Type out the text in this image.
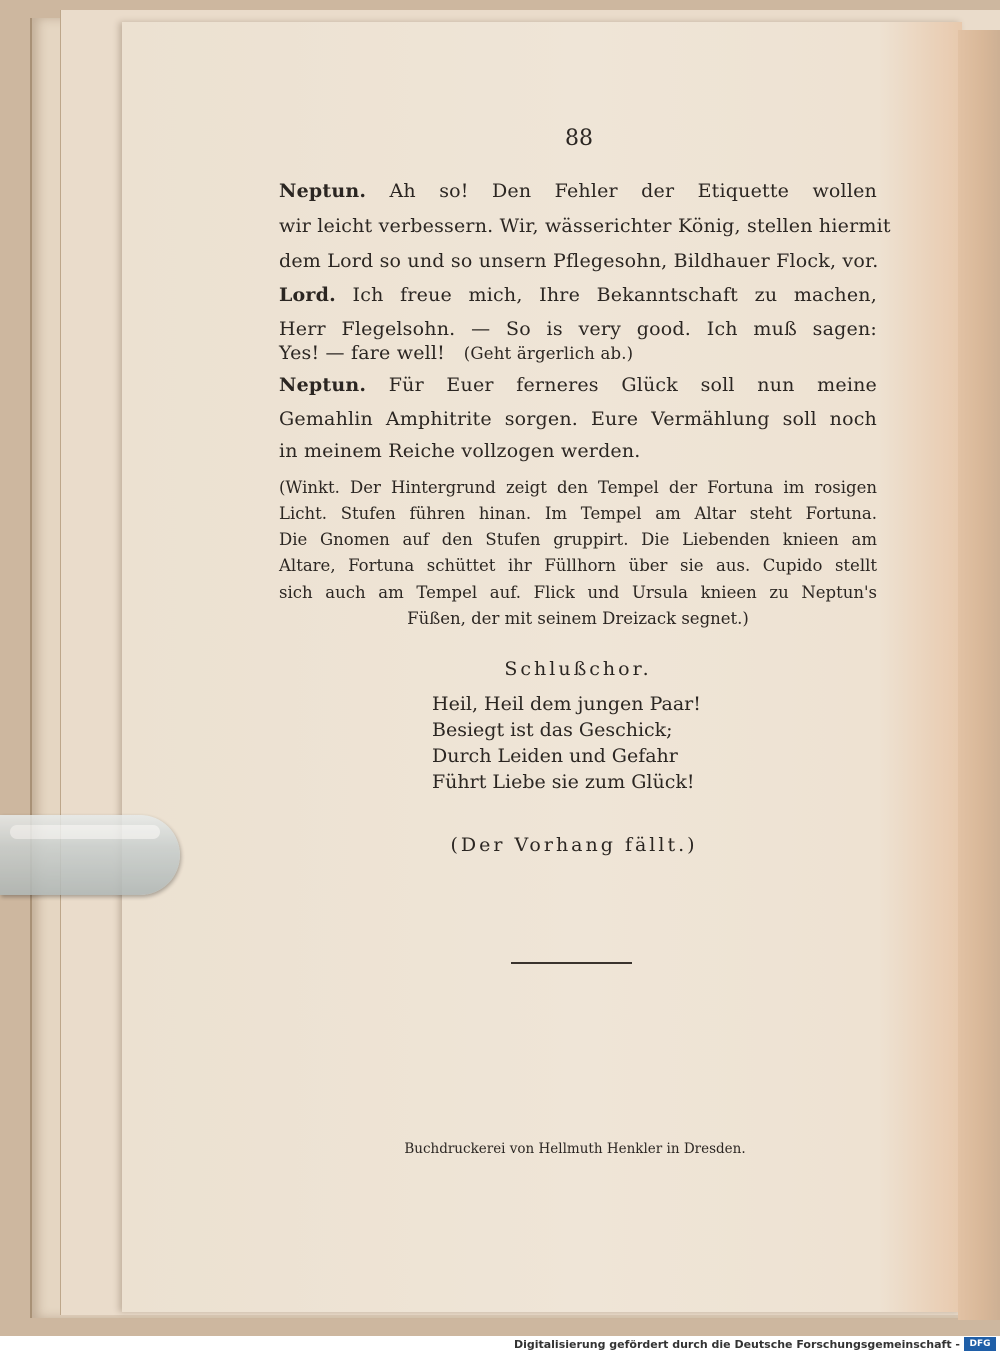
88
Neptun. Ah so! Den Fehler der Etiquette wollen
wir leicht verbessern. Wir, wässerichter König, stellen hiermit
dem Lord so und so unsern Pflegesohn, Bildhauer Flock, vor.
Lord. Ich freue mich, Ihre Bekanntschaft zu machen,
Herr Flegelsohn. — So is very good. Ich muß sagen:
Yes! — fare well! (Geht ärgerlich ab.)
Neptun. Für Euer ferneres Glück soll nun meine
Gemahlin Amphitrite sorgen. Eure Vermählung soll noch
in meinem Reiche vollzogen werden.
(Winkt. Der Hintergrund zeigt den Tempel der Fortuna im rosigen
Licht. Stufen führen hinan. Im Tempel am Altar steht Fortuna.
Die Gnomen auf den Stufen gruppirt. Die Liebenden knieen am
Altare, Fortuna schüttet ihr Füllhorn über sie aus. Cupido stellt
sich auch am Tempel auf. Flick und Ursula knieen zu Neptun's
Füßen, der mit seinem Dreizack segnet.)
Schlußchor.
Heil, Heil dem jungen Paar!
Besiegt ist das Geschick;
Durch Leiden und Gefahr
Führt Liebe sie zum Glück!
(Der Vorhang fällt.)
Buchdruckerei von Hellmuth Henkler in Dresden.
Digitalisierung gefördert durch die Deutsche Forschungsgemeinschaft -	DFG
